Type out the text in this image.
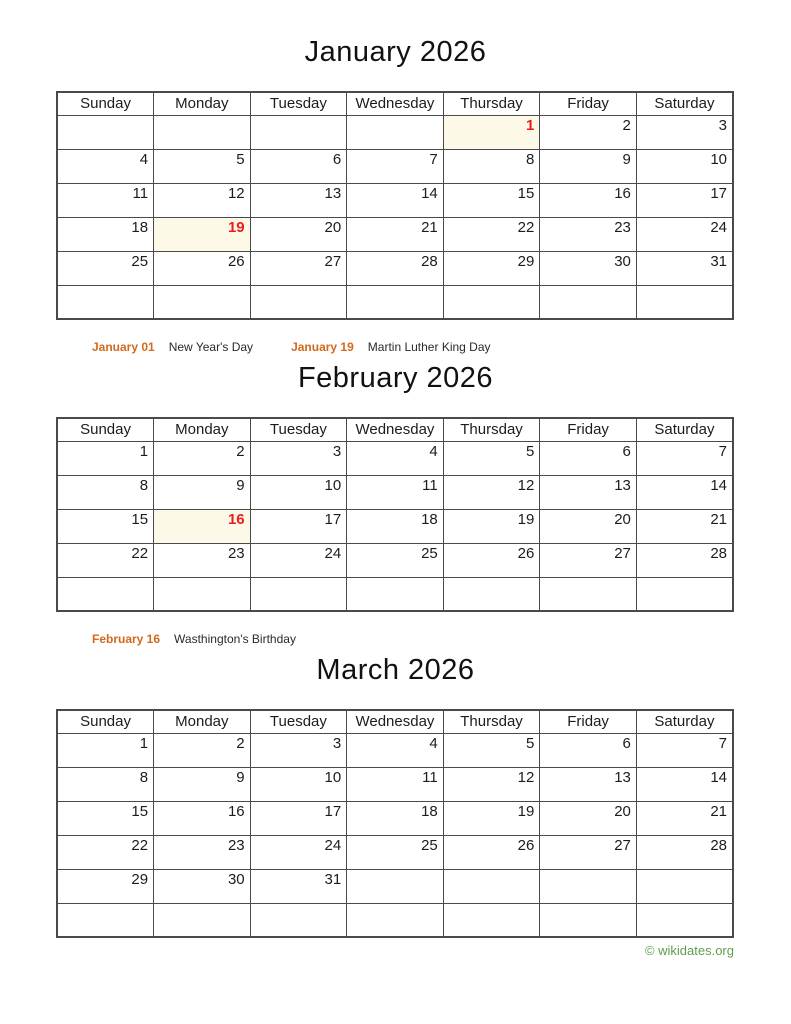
January 2026
Sunday	Monday	Tuesday	Wednesday	Thursday	Friday	Saturday
				1	2	3
4	5	6	7	8	9	10
11	12	13	14	15	16	17
18	19	20	21	22	23	24
25	26	27	28	29	30	31

January 01 New Year's Day	January 19 Martin Luther King Day
February 2026
Sunday	Monday	Tuesday	Wednesday	Thursday	Friday	Saturday
1	2	3	4	5	6	7
8	9	10	11	12	13	14
15	16	17	18	19	20	21
22	23	24	25	26	27	28

February 16 Wasthington's Birthday
March 2026
Sunday	Monday	Tuesday	Wednesday	Thursday	Friday	Saturday
1	2	3	4	5	6	7
8	9	10	11	12	13	14
15	16	17	18	19	20	21
22	23	24	25	26	27	28
29	30	31				

© wikidates.org
